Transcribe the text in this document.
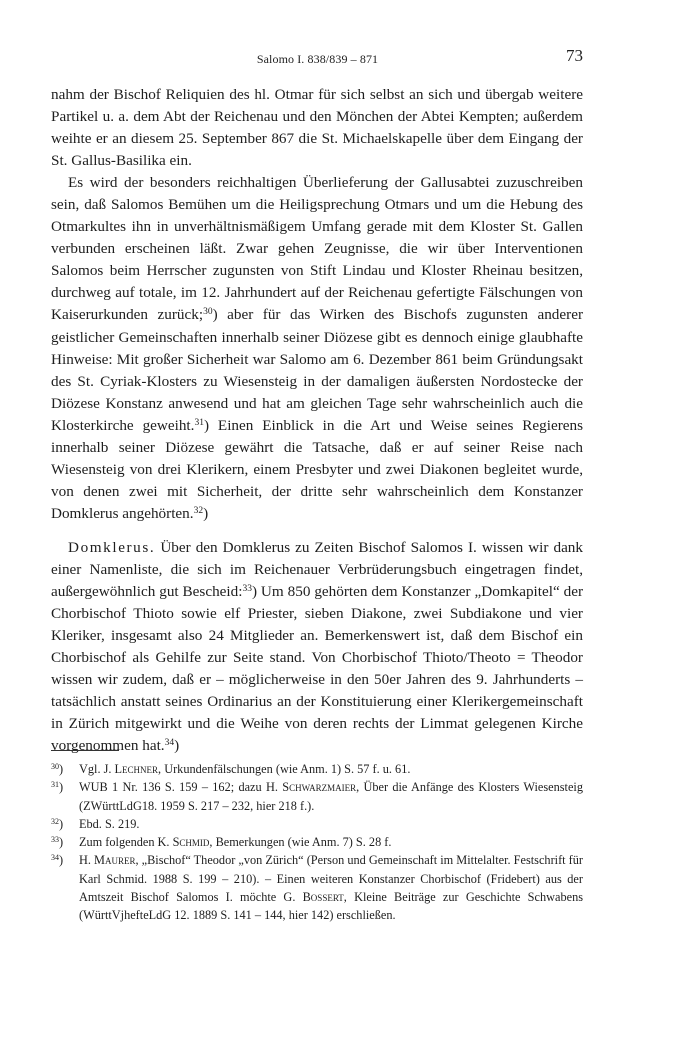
Salomo I. 838/839 – 871	73

nahm der Bischof Reliquien des hl. Otmar für sich selbst an sich und übergab weitere Partikel u. a. dem Abt der Reichenau und den Mönchen der Abtei Kempten; außerdem weihte er an diesem 25. September 867 die St. Michaelskapelle über dem Eingang der St. Gallus-Basilika ein.

Es wird der besonders reichhaltigen Überlieferung der Gallusabtei zuzuschreiben sein, daß Salomos Bemühen um die Heiligsprechung Otmars und um die Hebung des Otmarkultes ihn in unverhältnismäßigem Umfang gerade mit dem Kloster St. Gallen verbunden erscheinen läßt. Zwar gehen Zeugnisse, die wir über Interventionen Salomos beim Herrscher zugunsten von Stift Lindau und Kloster Rheinau besitzen, durchweg auf totale, im 12. Jahrhundert auf der Reichenau gefertigte Fälschungen von Kaiserurkunden zurück;$^{30}$) aber für das Wirken des Bischofs zugunsten anderer geistlicher Gemeinschaften innerhalb seiner Diözese gibt es dennoch einige glaubhafte Hinweise: Mit großer Sicherheit war Salomo am 6. Dezember 861 beim Gründungsakt des St. Cyriak-Klosters zu Wiesensteig in der damaligen äußersten Nordostecke der Diözese Konstanz anwesend und hat am gleichen Tage sehr wahrscheinlich auch die Klosterkirche geweiht.$^{31}$) Einen Einblick in die Art und Weise seines Regierens innerhalb seiner Diözese gewährt die Tatsache, daß er auf seiner Reise nach Wiesensteig von drei Klerikern, einem Presbyter und zwei Diakonen begleitet wurde, von denen zwei mit Sicherheit, der dritte sehr wahrscheinlich dem Konstanzer Domklerus angehörten.$^{32}$)

Domklerus. Über den Domklerus zu Zeiten Bischof Salomos I. wissen wir dank einer Namenliste, die sich im Reichenauer Verbrüderungsbuch eingetragen findet, außergewöhnlich gut Bescheid:$^{33}$) Um 850 gehörten dem Konstanzer „Domkapitel“ der Chorbischof Thioto sowie elf Priester, sieben Diakone, zwei Subdiakone und vier Kleriker, insgesamt also 24 Mitglieder an. Bemerkenswert ist, daß dem Bischof ein Chorbischof als Gehilfe zur Seite stand. Von Chorbischof Thioto/Theoto = Theodor wissen wir zudem, daß er – möglicherweise in den 50er Jahren des 9. Jahrhunderts – tatsächlich anstatt seines Ordinarius an der Konstituierung einer Klerikergemeinschaft in Zürich mitgewirkt und die Weihe von deren rechts der Limmat gelegenen Kirche vorgenommen hat.$^{34}$)

$^{30}$) Vgl. J. Lechner, Urkundenfälschungen (wie Anm. 1) S. 57 f. u. 61.
$^{31}$) WUB 1 Nr. 136 S. 159 – 162; dazu H. Schwarzmaier, Über die Anfänge des Klosters Wiesensteig (ZWürttLdG18. 1959 S. 217 – 232, hier 218 f.).
$^{32}$) Ebd. S. 219.
$^{33}$) Zum folgenden K. Schmid, Bemerkungen (wie Anm. 7) S. 28 f.
$^{34}$) H. Maurer, „Bischof“ Theodor „von Zürich“ (Person und Gemeinschaft im Mittelalter. Festschrift für Karl Schmid. 1988 S. 199 – 210). – Einen weiteren Konstanzer Chorbischof (Fridebert) aus der Amtszeit Bischof Salomos I. möchte G. Bossert, Kleine Beiträge zur Geschichte Schwabens (WürttVjhefteLdG 12. 1889 S. 141 – 144, hier 142) erschließen.
